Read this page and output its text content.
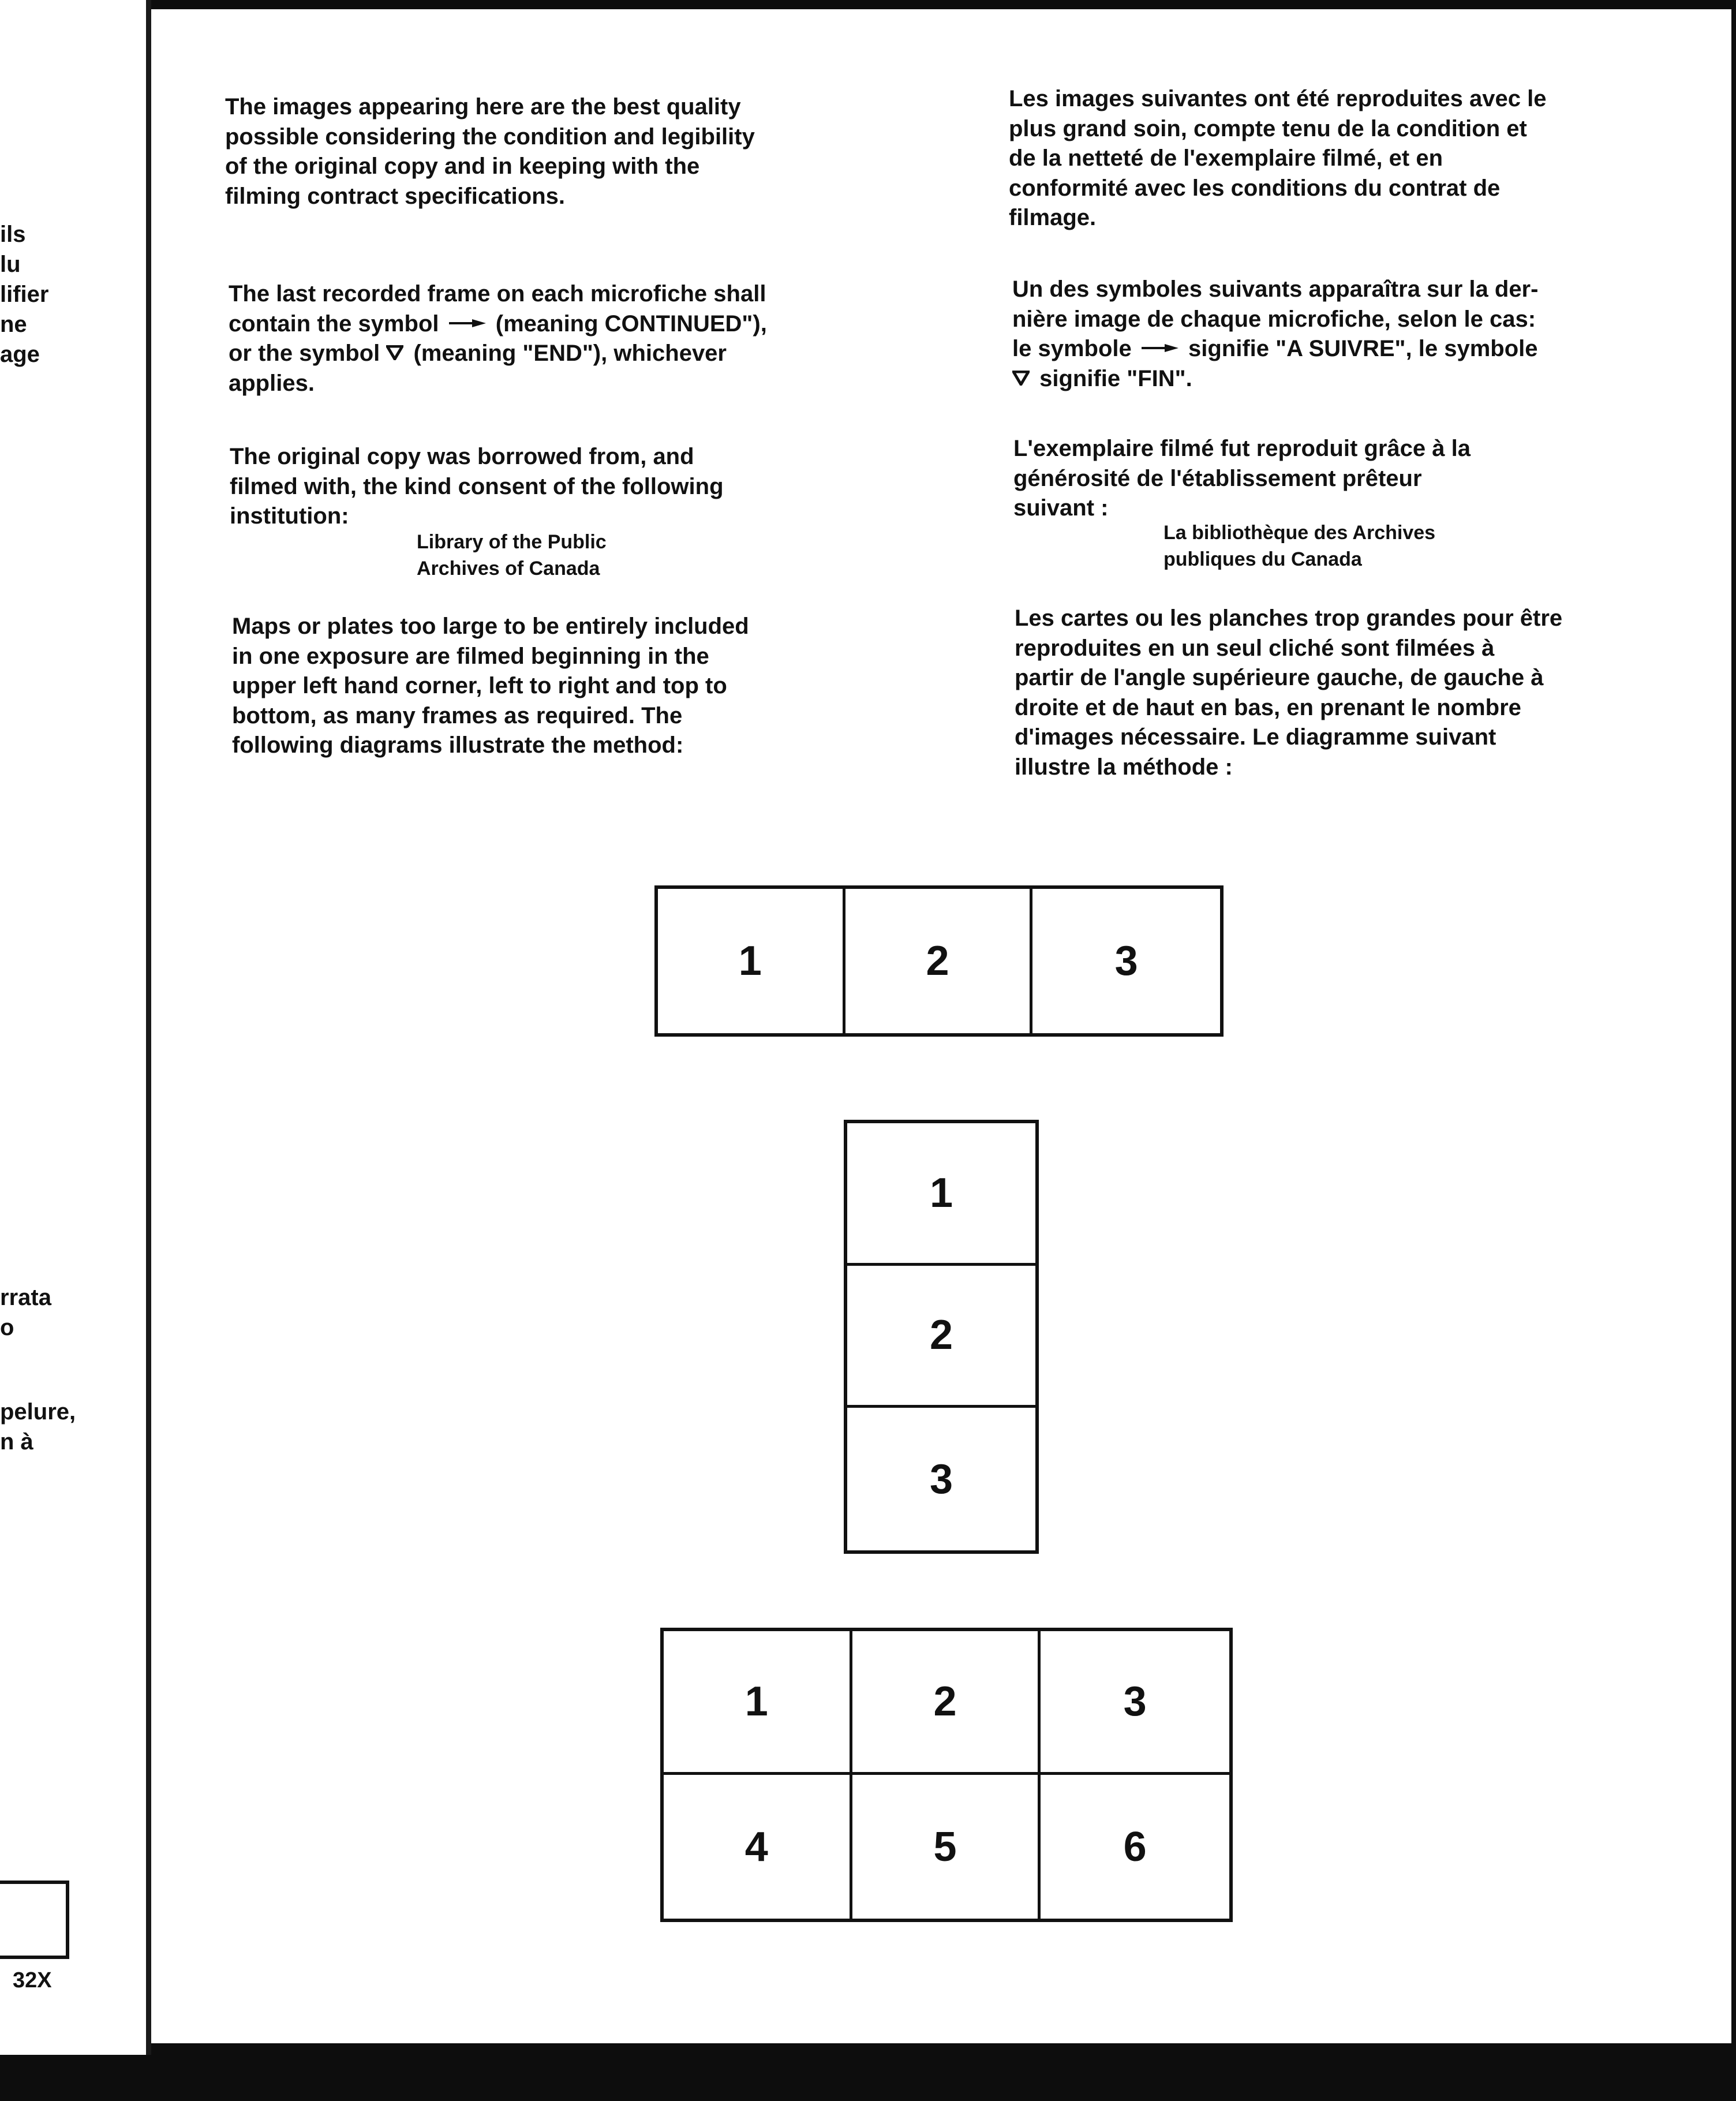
ils
lu
lifier
ne
age
rrata
o
pelure,
n à
32X
The images appearing here are the best quality
possible considering the condition and legibility
of the original copy and in keeping with the
filming contract specifications.
The last recorded frame on each microfiche shall
contain the symbol (meaning CONTINUED"),
or the symbol (meaning "END"), whichever
applies.
The original copy was borrowed from, and
filmed with, the kind consent of the following
institution:
Library of the Public
Archives of Canada
Maps or plates too large to be entirely included
in one exposure are filmed beginning in the
upper left hand corner, left to right and top to
bottom, as many frames as required. The
following diagrams illustrate the method:
Les images suivantes ont été reproduites avec le
plus grand soin, compte tenu de la condition et
de la netteté de l'exemplaire filmé, et en
conformité avec les conditions du contrat de
filmage.
Un des symboles suivants apparaîtra sur la der-
nière image de chaque microfiche, selon le cas:
le symbole signifie "A SUIVRE", le symbole
signifie "FIN".
L'exemplaire filmé fut reproduit grâce à la
générosité de l'établissement prêteur
suivant :
La bibliothèque des Archives
publiques du Canada
Les cartes ou les planches trop grandes pour être
reproduites en un seul cliché sont filmées à
partir de l'angle supérieure gauche, de gauche à
droite et de haut en bas, en prenant le nombre
d'images nécessaire. Le diagramme suivant
illustre la méthode :
1	2	3
1
2
3
1	2	3
4	5	6
